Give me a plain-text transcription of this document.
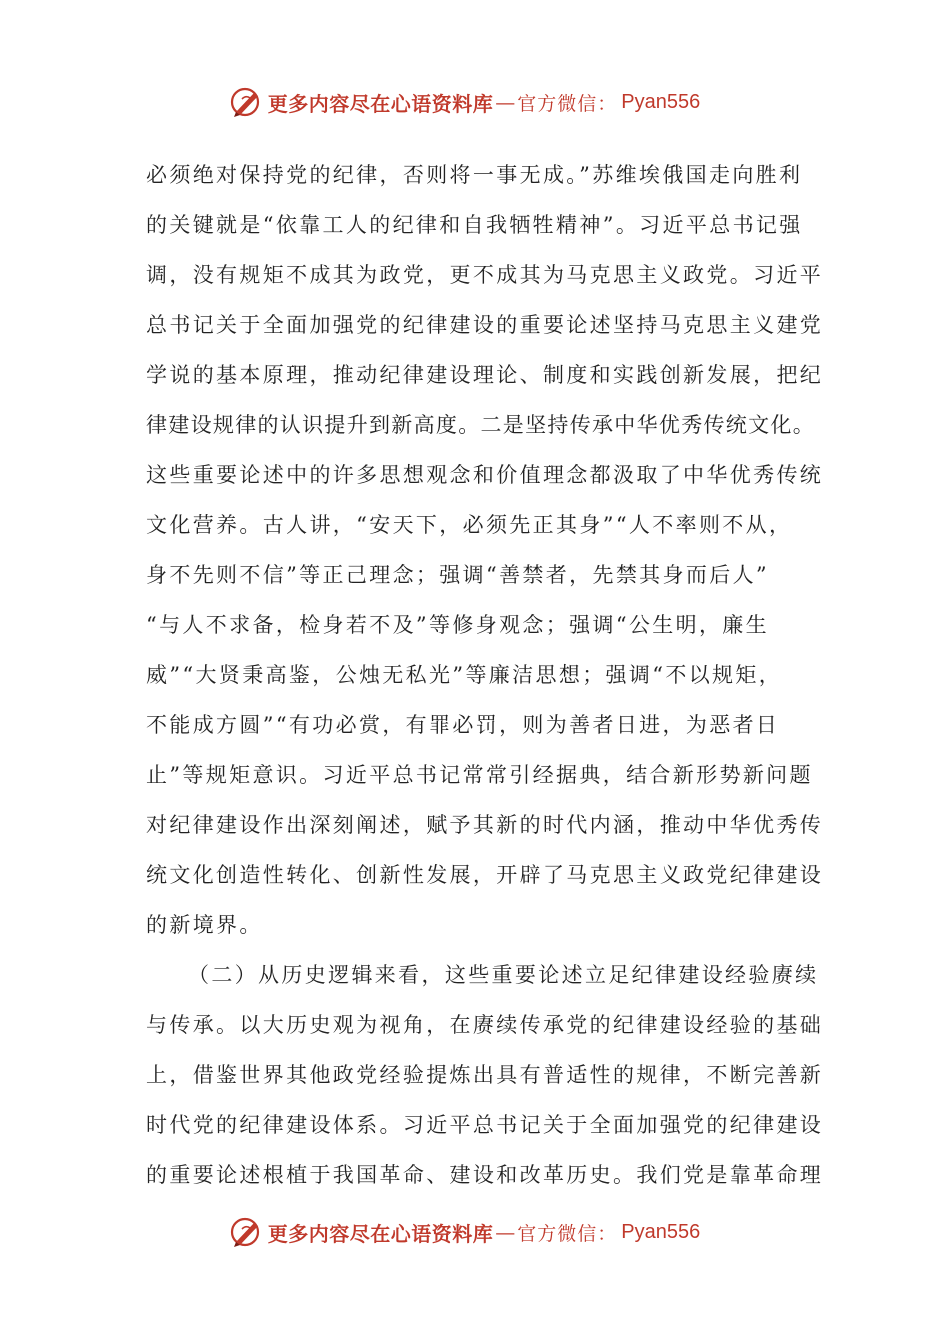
更多内容尽在心语资料库 — 官方微信： Pyan556
必须绝对保持党的纪律，否则将一事无成。”苏维埃俄国走向胜利
的关键就是“依靠工人的纪律和自我牺牲精神”。习近平总书记强
调，没有规矩不成其为政党，更不成其为马克思主义政党。习近平
总书记关于全面加强党的纪律建设的重要论述坚持马克思主义建党
学说的基本原理，推动纪律建设理论、制度和实践创新发展，把纪
律建设规律的认识提升到新高度。二是坚持传承中华优秀传统文化。
这些重要论述中的许多思想观念和价值理念都汲取了中华优秀传统
文化营养。古人讲，“安天下，必须先正其身”“人不率则不从，
身不先则不信”等正己理念；强调“善禁者，先禁其身而后人”
“与人不求备，检身若不及”等修身观念；强调“公生明，廉生
威”“大贤秉高鉴，公烛无私光”等廉洁思想；强调“不以规矩，
不能成方圆”“有功必赏，有罪必罚，则为善者日进，为恶者日
止”等规矩意识。习近平总书记常常引经据典，结合新形势新问题
对纪律建设作出深刻阐述，赋予其新的时代内涵，推动中华优秀传
统文化创造性转化、创新性发展，开辟了马克思主义政党纪律建设
的新境界。
（二）从历史逻辑来看，这些重要论述立足纪律建设经验赓续
与传承。以大历史观为视角，在赓续传承党的纪律建设经验的基础
上，借鉴世界其他政党经验提炼出具有普适性的规律，不断完善新
时代党的纪律建设体系。习近平总书记关于全面加强党的纪律建设
的重要论述根植于我国革命、建设和改革历史。我们党是靠革命理
更多内容尽在心语资料库 — 官方微信： Pyan556
